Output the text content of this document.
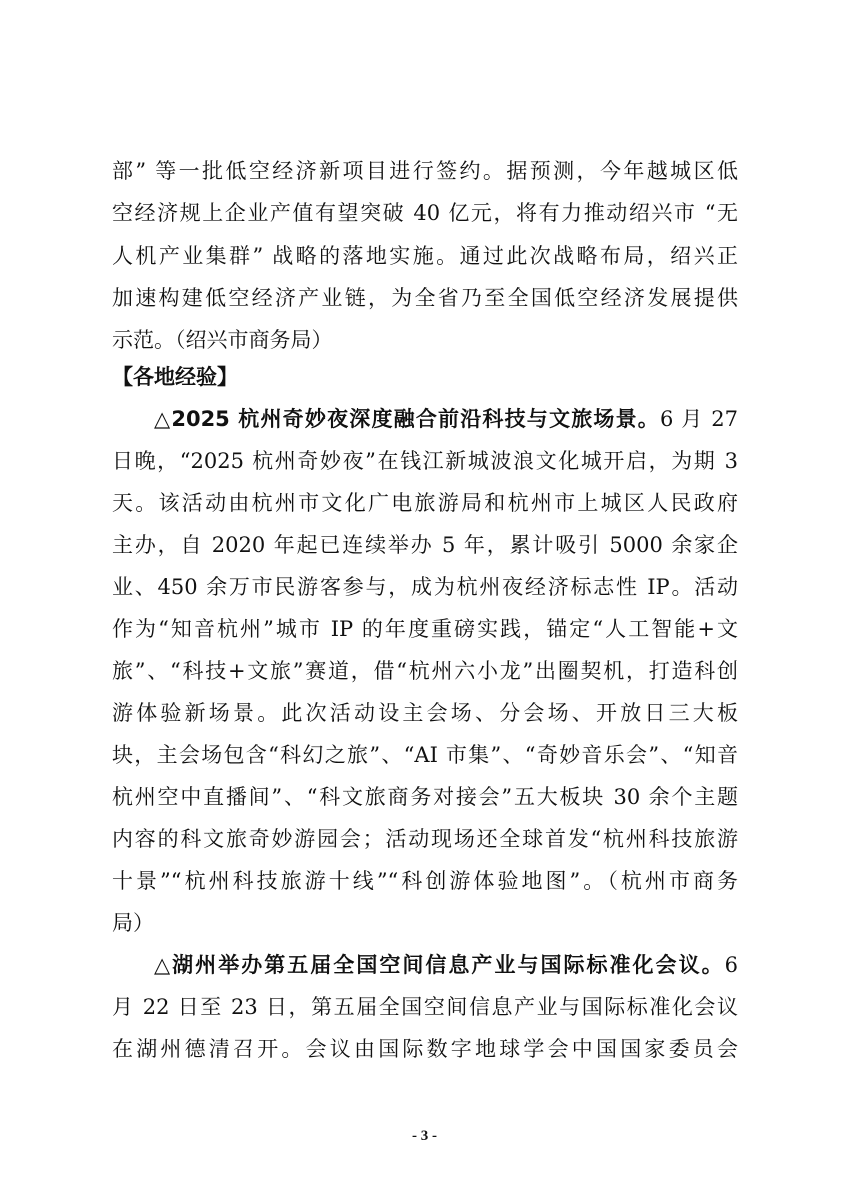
部” 等一批低空经济新项目进行签约。据预测，今年越城区低
空经济规上企业产值有望突破 40 亿元，将有力推动绍兴市 “无
人机产业集群” 战略的落地实施。通过此次战略布局，绍兴正
加速构建低空经济产业链，为全省乃至全国低空经济发展提供
示范。（绍兴市商务局）
【各地经验】
△2025 杭州奇妙夜深度融合前沿科技与文旅场景。6 月 27
日晚，“2025 杭州奇妙夜”在钱江新城波浪文化城开启，为期 3
天。该活动由杭州市文化广电旅游局和杭州市上城区人民政府
主办，自 2020 年起已连续举办 5 年，累计吸引 5000 余家企
业、450 余万市民游客参与，成为杭州夜经济标志性 IP。活动
作为“知音杭州”城市 IP 的年度重磅实践，锚定“人工智能+文
旅”、“科技+文旅”赛道，借“杭州六小龙”出圈契机，打造科创
游体验新场景。此次活动设主会场、分会场、开放日三大板
块，主会场包含“科幻之旅”、“AI 市集”、“奇妙音乐会”、“知音
杭州空中直播间”、“科文旅商务对接会”五大板块 30 余个主题
内容的科文旅奇妙游园会；活动现场还全球首发“杭州科技旅游
十景”“杭州科技旅游十线”“科创游体验地图”。（杭州市商务
局）
△湖州举办第五届全国空间信息产业与国际标准化会议。6
月 22 日至 23 日，第五届全国空间信息产业与国际标准化会议
在湖州德清召开。会议由国际数字地球学会中国国家委员会
- 3 -
